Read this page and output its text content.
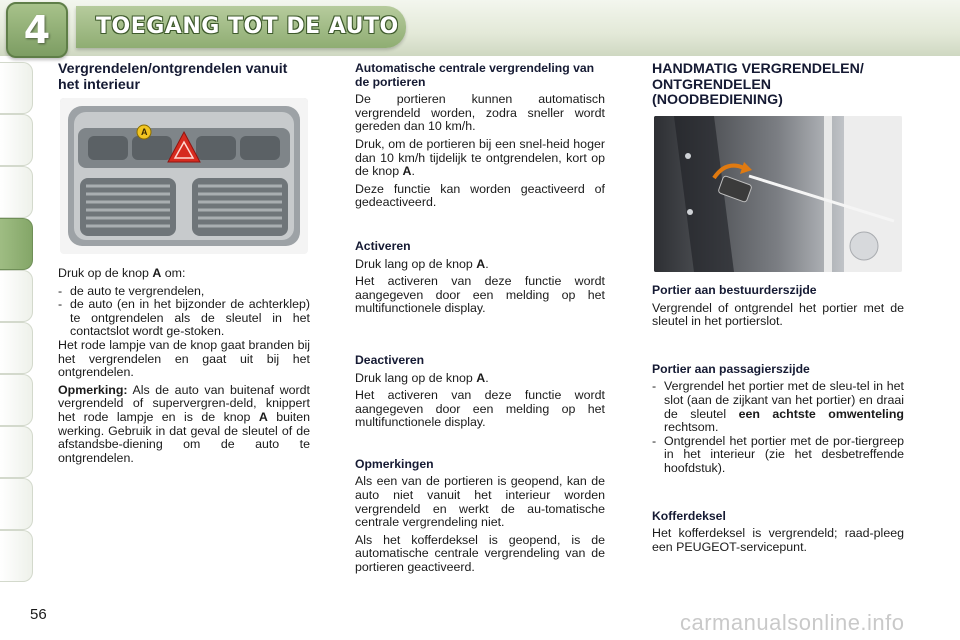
4 TOEGANG TOT DE AUTO
Vergrendelen/ontgrendelen vanuit het interieur
A

Druk op de knop A om:

- de auto te vergrendelen,
- de auto (en in het bijzonder de achterklep) te ontgrendelen als de sleutel in het contactslot wordt ge-stoken.

Het rode lampje van de knop gaat branden bij het vergrendelen en gaat uit bij het ontgrendelen.

Opmerking: Als de auto van buitenaf wordt vergrendeld of supervergren-deld, knippert het rode lampje en is de knop A buiten werking. Gebruik in dat geval de sleutel of de afstandsbe-diening om de auto te ontgrendelen.

Automatische centrale vergrendeling van de portieren

De portieren kunnen automatisch vergrendeld worden, zodra sneller wordt gereden dan 10 km/h.

Druk, om de portieren bij een snel-heid hoger dan 10 km/h tijdelijk te ontgrendelen, kort op de knop A.

Deze functie kan worden geactiveerd of gedeactiveerd.

Activeren

Druk lang op de knop A.

Het activeren van deze functie wordt aangegeven door een melding op het multifunctionele display.

Deactiveren

Druk lang op de knop A.

Het activeren van deze functie wordt aangegeven door een melding op het multifunctionele display.

Opmerkingen

Als een van de portieren is geopend, kan de auto niet vanuit het interieur worden vergrendeld en werkt de au-tomatische centrale vergrendeling niet.

Als het kofferdeksel is geopend, is de automatische centrale vergrendeling van de portieren geactiveerd.

HANDMATIG VERGRENDELEN/ ONTGRENDELEN (NOODBEDIENING)
Portier aan bestuurderszijde

Vergrendel of ontgrendel het portier met de sleutel in het portierslot.

Portier aan passagierszijde
- Vergrendel het portier met de sleu-tel in het slot (aan de zijkant van het portier) en draai de sleutel een achtste omwenteling rechtsom.
- Ontgrendel het portier met de por-tiergreep in het interieur (zie het desbetreffende hoofdstuk).
Kofferdeksel

Het kofferdeksel is vergrendeld; raad-pleeg een PEUGEOT-servicepunt.

56	carmanualsonline.info
